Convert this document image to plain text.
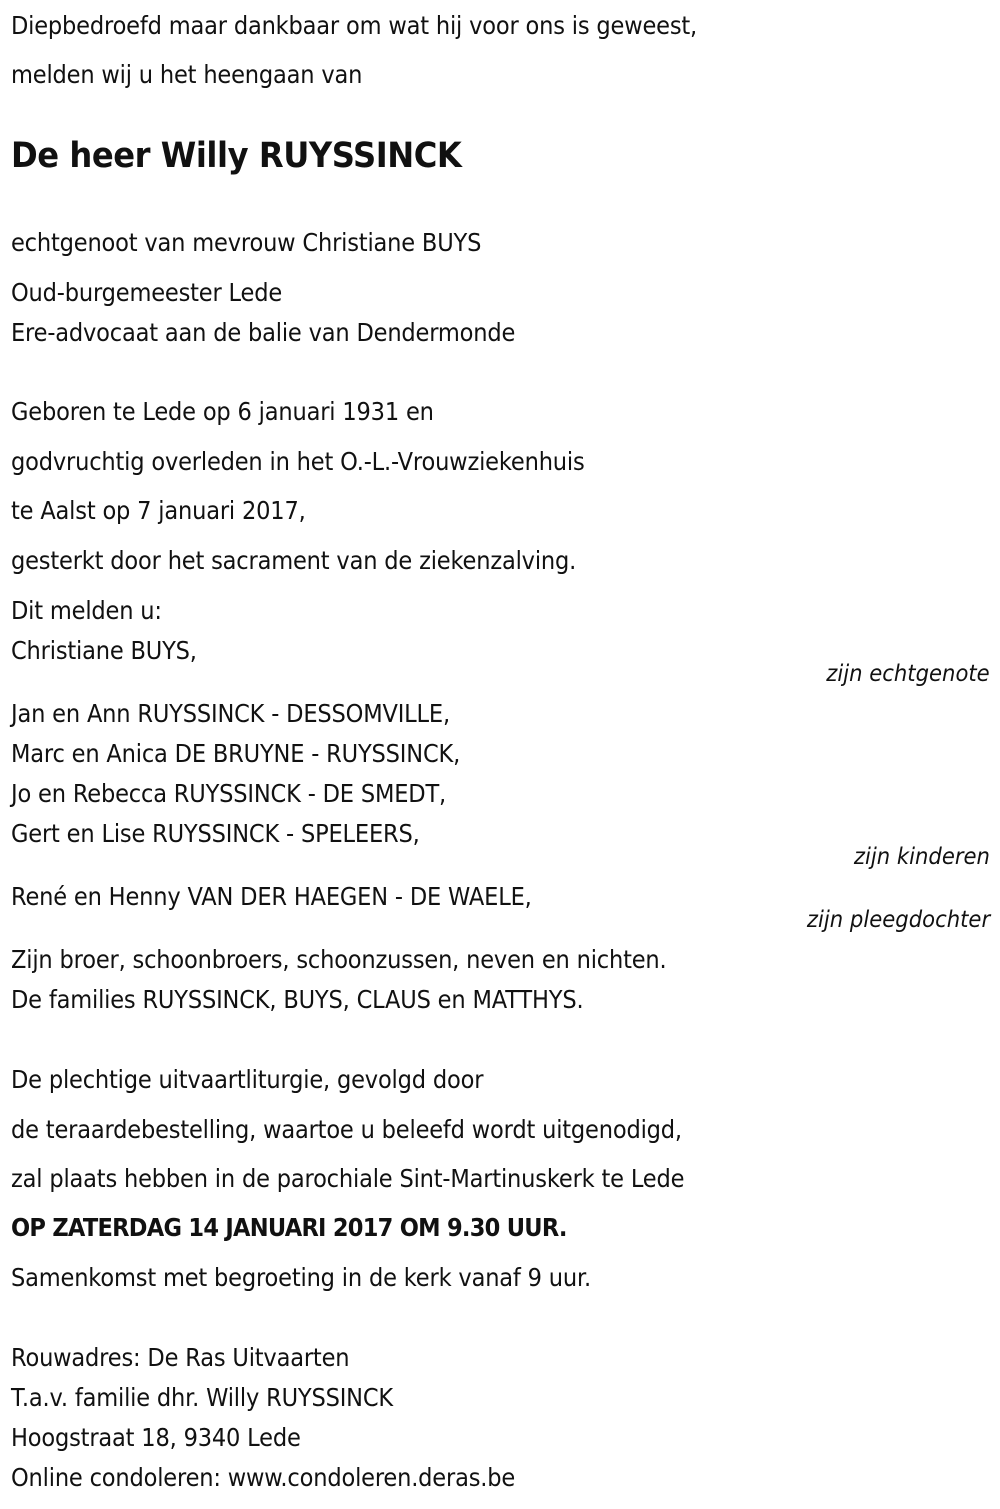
Diepbedroefd maar dankbaar om wat hij voor ons is geweest,
melden wij u het heengaan van
De heer Willy RUYSSINCK
echtgenoot van mevrouw Christiane BUYS
Oud-burgemeester Lede
Ere-advocaat aan de balie van Dendermonde
Geboren te Lede op 6 januari 1931 en
godvruchtig overleden in het O.-L.-Vrouwziekenhuis
te Aalst op 7 januari 2017,
gesterkt door het sacrament van de ziekenzalving.
Dit melden u:
Christiane BUYS,
zijn echtgenote
Jan en Ann RUYSSINCK - DESSOMVILLE,
Marc en Anica DE BRUYNE - RUYSSINCK,
Jo en Rebecca RUYSSINCK - DE SMEDT,
Gert en Lise RUYSSINCK - SPELEERS,
zijn kinderen
René en Henny VAN DER HAEGEN - DE WAELE,
zijn pleegdochter
Zijn broer, schoonbroers, schoonzussen, neven en nichten.
De families RUYSSINCK, BUYS, CLAUS en MATTHYS.
De plechtige uitvaartliturgie, gevolgd door
de teraardebestelling, waartoe u beleefd wordt uitgenodigd,
zal plaats hebben in de parochiale Sint-Martinuskerk te Lede
OP ZATERDAG 14 JANUARI 2017 OM 9.30 UUR.
Samenkomst met begroeting in de kerk vanaf 9 uur.
Rouwadres: De Ras Uitvaarten
T.a.v. familie dhr. Willy RUYSSINCK
Hoogstraat 18, 9340 Lede
Online condoleren: www.condoleren.deras.be
